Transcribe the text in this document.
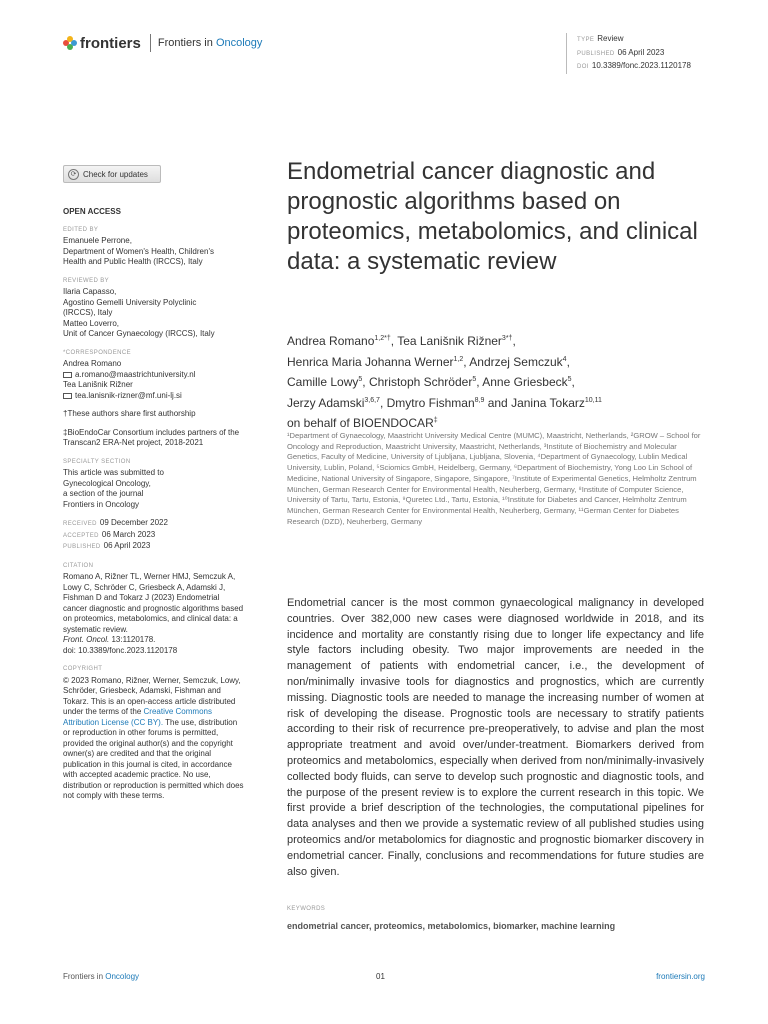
frontiers Frontiers in Oncology	TYPE Review
PUBLISHED 06 April 2023
DOI 10.3389/fonc.2023.1120178
⟳ Check for updates
OPEN ACCESS
EDITED BY
Emanuele Perrone,
Department of Women's Health, Children's
Health and Public Health (IRCCS), Italy
REVIEWED BY
Ilaria Capasso,
Agostino Gemelli University Polyclinic
(IRCCS), Italy
Matteo Loverro,
Unit of Cancer Gynaecology (IRCCS), Italy
*CORRESPONDENCE
Andrea Romano
a.romano@maastrichtuniversity.nl
Tea Lanišnik Rižner
tea.lanisnik-rizner@mf.uni-lj.si
†These authors share first authorship
‡BioEndoCar Consortium includes partners of the Transcan2 ERA-Net project, 2018-2021
SPECIALTY SECTION
This article was submitted to
Gynecological Oncology,
a section of the journal
Frontiers in Oncology
RECEIVED 09 December 2022
ACCEPTED 06 March 2023
PUBLISHED 06 April 2023
CITATION
Romano A, Rižner TL, Werner HMJ, Semczuk A, Lowy C, Schröder C, Griesbeck A, Adamski J, Fishman D and Tokarz J (2023) Endometrial cancer diagnostic and prognostic algorithms based on proteomics, metabolomics, and clinical data: a systematic review.
Front. Oncol. 13:1120178.
doi: 10.3389/fonc.2023.1120178
COPYRIGHT
© 2023 Romano, Rižner, Werner, Semczuk, Lowy, Schröder, Griesbeck, Adamski, Fishman and Tokarz. This is an open-access article distributed under the terms of the Creative Commons Attribution License (CC BY). The use, distribution or reproduction in other forums is permitted, provided the original author(s) and the copyright owner(s) are credited and that the original publication in this journal is cited, in accordance with accepted academic practice. No use, distribution or reproduction is permitted which does not comply with these terms.
Endometrial cancer diagnostic and prognostic algorithms based on proteomics, metabolomics, and clinical data: a systematic review
Andrea Romano$^{1,2*\dagger}$, Tea Lanišnik Rižner$^{3*\dagger}$,
Henrica Maria Johanna Werner$^{1,2}$, Andrzej Semczuk$^4$,
Camille Lowy$^5$, Christoph Schröder$^5$, Anne Griesbeck$^5$,
Jerzy Adamski$^{3,6,7}$, Dmytro Fishman$^{8,9}$ and Janina Tokarz$^{10,11}$
on behalf of BIOENDOCAR‡
¹Department of Gynaecology, Maastricht University Medical Centre (MUMC), Maastricht, Netherlands, ²GROW – School for Oncology and Reproduction, Maastricht University, Maastricht, Netherlands, ³Institute of Biochemistry and Molecular Genetics, Faculty of Medicine, University of Ljubljana, Ljubljana, Slovenia, ⁴Department of Gynaecology, Lublin Medical University, Lublin, Poland, ⁵Sciomics GmbH, Heidelberg, Germany, ⁶Department of Biochemistry, Yong Loo Lin School of Medicine, National University of Singapore, Singapore, Singapore, ⁷Institute of Experimental Genetics, Helmholtz Zentrum München, German Research Center for Environmental Health, Neuherberg, Germany, ⁸Institute of Computer Science, University of Tartu, Tartu, Estonia, ⁹Quretec Ltd., Tartu, Estonia, ¹⁰Institute for Diabetes and Cancer, Helmholtz Zentrum München, German Research Center for Environmental Health, Neuherberg, Germany, ¹¹German Center for Diabetes Research (DZD), Neuherberg, Germany
Endometrial cancer is the most common gynaecological malignancy in developed countries. Over 382,000 new cases were diagnosed worldwide in 2018, and its incidence and mortality are constantly rising due to longer life expectancy and life style factors including obesity. Two major improvements are needed in the management of patients with endometrial cancer, i.e., the development of non/minimally invasive tools for diagnostics and prognostics, which are currently missing. Diagnostic tools are needed to manage the increasing number of women at risk of developing the disease. Prognostic tools are necessary to stratify patients according to their risk of recurrence pre-preoperatively, to advise and plan the most appropriate treatment and avoid over/under-treatment. Biomarkers derived from proteomics and metabolomics, especially when derived from non/minimally-invasively collected body fluids, can serve to develop such prognostic and diagnostic tools, and the purpose of the present review is to explore the current research in this topic. We first provide a brief description of the technologies, the computational pipelines for data analyses and then we provide a systematic review of all published studies using proteomics and/or metabolomics for diagnostic and prognostic biomarker discovery in endometrial cancer. Finally, conclusions and recommendations for future studies are also given.
KEYWORDS
endometrial cancer, proteomics, metabolomics, biomarker, machine learning
Frontiers in Oncology	01	frontiersin.org
